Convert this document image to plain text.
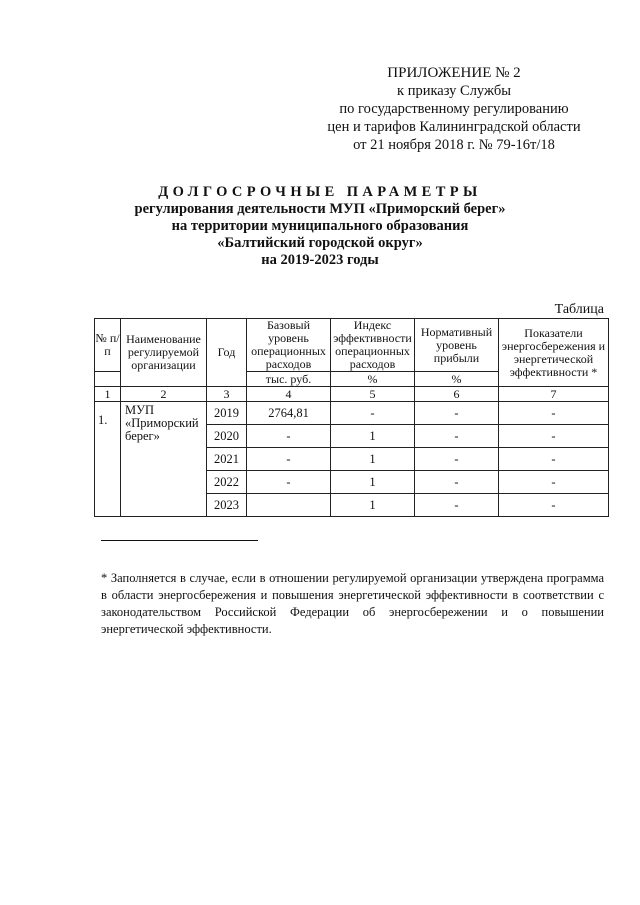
ПРИЛОЖЕНИЕ № 2
к приказу Службы
по государственному регулированию
цен и тарифов Калининградской области
от 21 ноября 2018 г. № 79-16т/18
ДОЛГОСРОЧНЫЕ ПАРАМЕТРЫ
регулирования деятельности МУП «Приморский берег»
на территории муниципального образования
«Балтийский городской округ»
на 2019-2023 годы
Таблица
№ п/п	Наименование регулируемой организации	Год	Базовый уровень операционных расходов	Индекс эффективности операционных расходов	Нормативный уровень прибыли	Показатели энергосбережения и энергетической эффективности *
			тыс. руб.	%	%	
1	2	3	4	5	6	7
1.	МУП «Приморский берег»	2019	2764,81	-	-	-
		2020	-	1	-	-
		2021	-	1	-	-
		2022	-	1	-	-
		2023		1	-	-
* Заполняется в случае, если в отношении регулируемой организации утверждена программа в области энергосбережения и повышения энергетической эффективности в соответствии с законодательством Российской Федерации об энергосбережении и о повышении энергетической эффективности.
